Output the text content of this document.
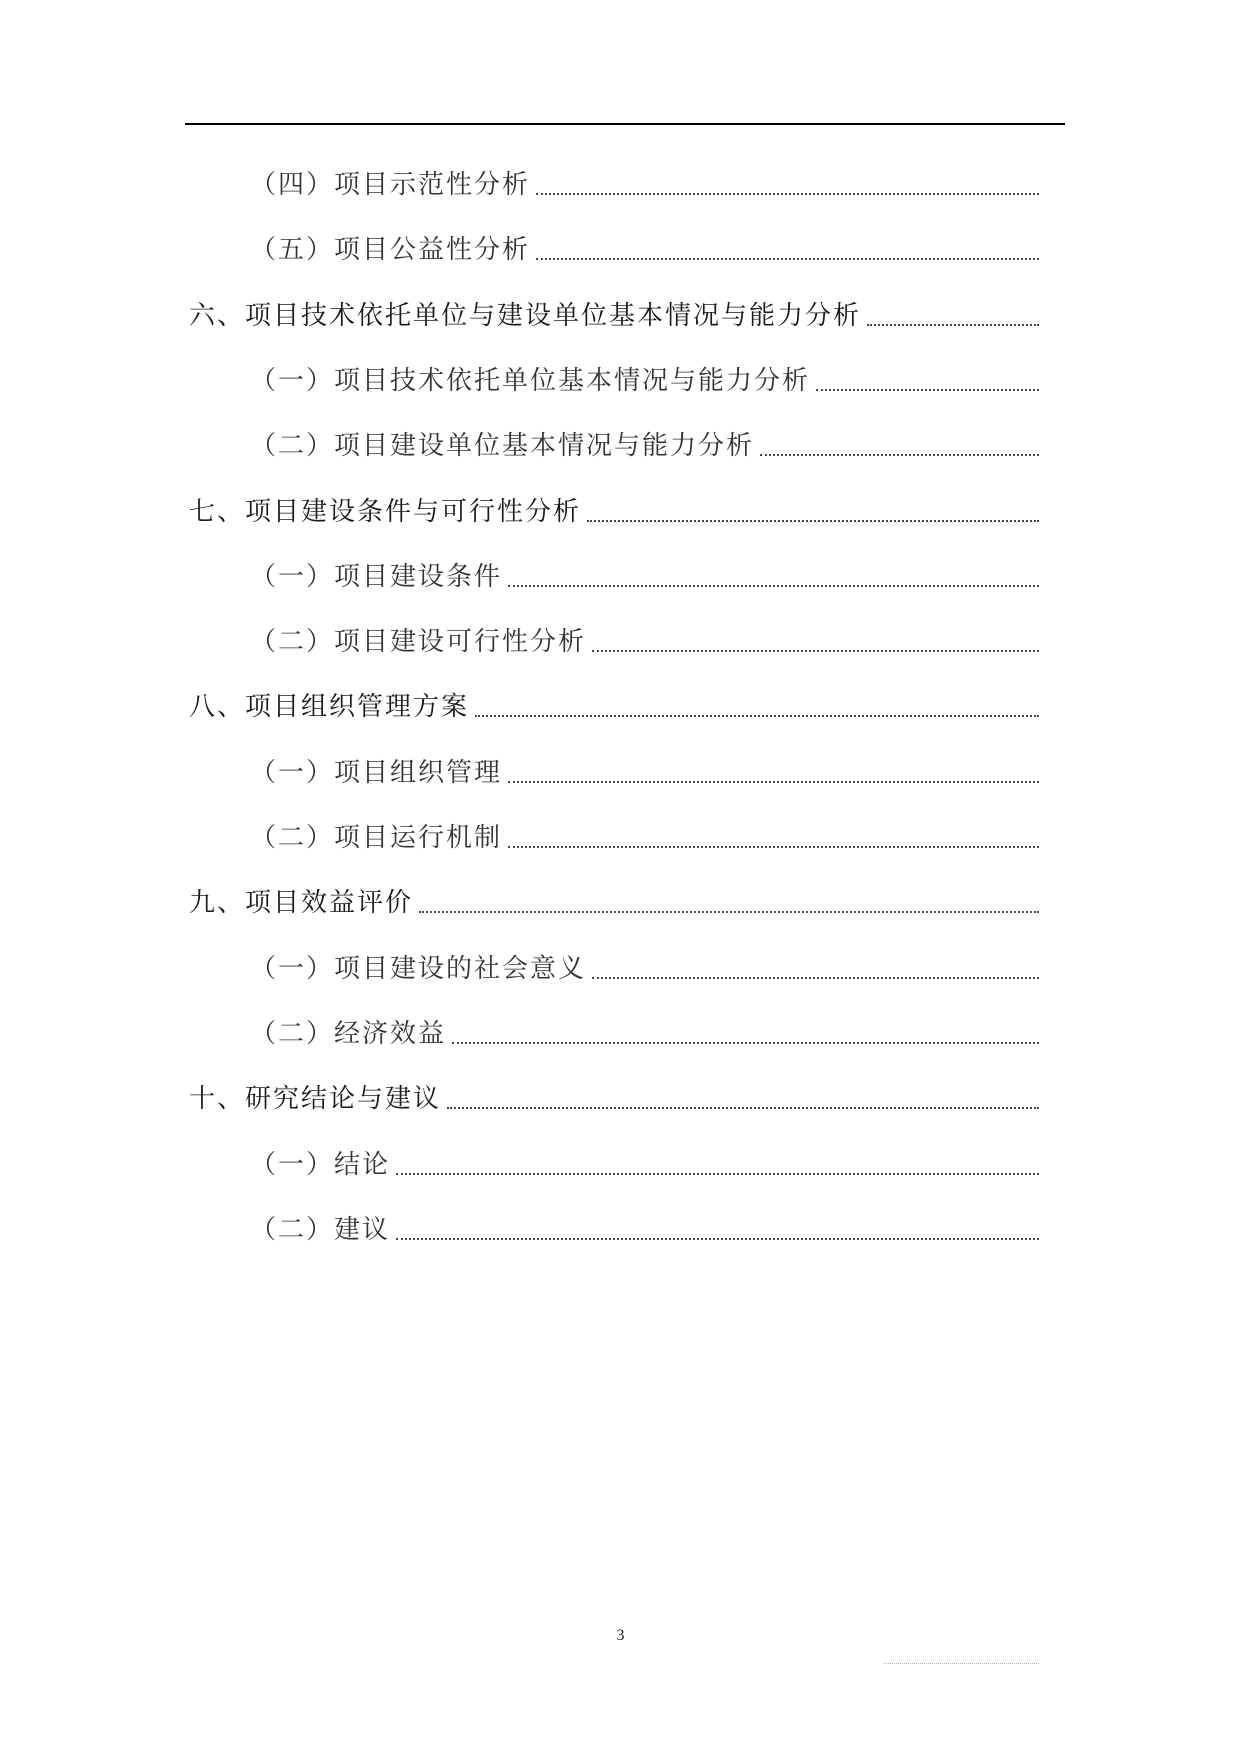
（四）项目示范性分析
（五）项目公益性分析
六、项目技术依托单位与建设单位基本情况与能力分析
（一）项目技术依托单位基本情况与能力分析
（二）项目建设单位基本情况与能力分析
七、项目建设条件与可行性分析
（一）项目建设条件
（二）项目建设可行性分析
八、项目组织管理方案
（一）项目组织管理
（二）项目运行机制
九、项目效益评价
（一）项目建设的社会意义
（二）经济效益
十、研究结论与建议
（一）结论
（二）建议
3
